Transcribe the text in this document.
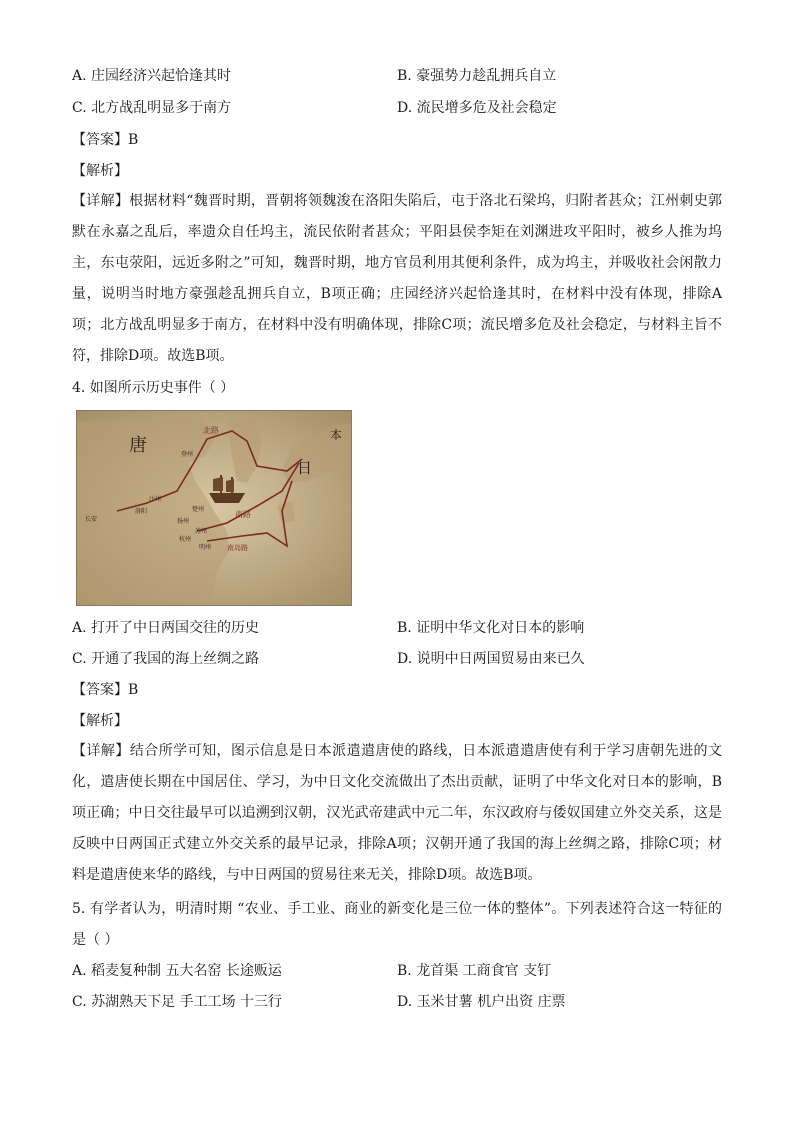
A. 庄园经济兴起恰逢其时	B. 豪强势力趁乱拥兵自立
C. 北方战乱明显多于南方	D. 流民增多危及社会稳定
【答案】B
【解析】
【详解】根据材料“魏晋时期，晋朝将领魏浚在洛阳失陷后，屯于洛北石梁坞，归附者甚众；江州刺史郭默在永嘉之乱后，率遗众自任坞主，流民依附者甚众；平阳县侯李矩在刘渊进攻平阳时，被乡人推为坞主，东屯荥阳，远近多附之”可知，魏晋时期，地方官员利用其便利条件，成为坞主，并吸收社会闲散力量，说明当时地方豪强趁乱拥兵自立，B项正确；庄园经济兴起恰逢其时，在材料中没有体现，排除A项；北方战乱明显多于南方，在材料中没有明确体现，排除C项；流民增多危及社会稳定，与材料主旨不符，排除D项。故选B项。
4. 如图所示历史事件（ ）
唐
日
本
北路
南路
南岛路
长安
洛阳
汴州
登州
楚州
苏州
扬州
杭州
明州
A. 打开了中日两国交往的历史	B. 证明中华文化对日本的影响
C. 开通了我国的海上丝绸之路	D. 说明中日两国贸易由来已久
【答案】B
【解析】
【详解】结合所学可知，图示信息是日本派遣遣唐使的路线，日本派遣遣唐使有利于学习唐朝先进的文化，遣唐使长期在中国居住、学习，为中日文化交流做出了杰出贡献，证明了中华文化对日本的影响，B项正确；中日交往最早可以追溯到汉朝，汉光武帝建武中元二年，东汉政府与倭奴国建立外交关系，这是反映中日两国正式建立外交关系的最早记录，排除A项；汉朝开通了我国的海上丝绸之路，排除C项；材料是遣唐使来华的路线，与中日两国的贸易往来无关，排除D项。故选B项。
5. 有学者认为，明清时期 “农业、手工业、商业的新变化是三位一体的整体”。下列表述符合这一特征的是（ ）
A. 稻麦复种制 五大名窑 长途贩运	B. 龙首渠 工商食官 支钉
C. 苏湖熟天下足 手工工场 十三行	D. 玉米甘薯 机户出资 庄票
